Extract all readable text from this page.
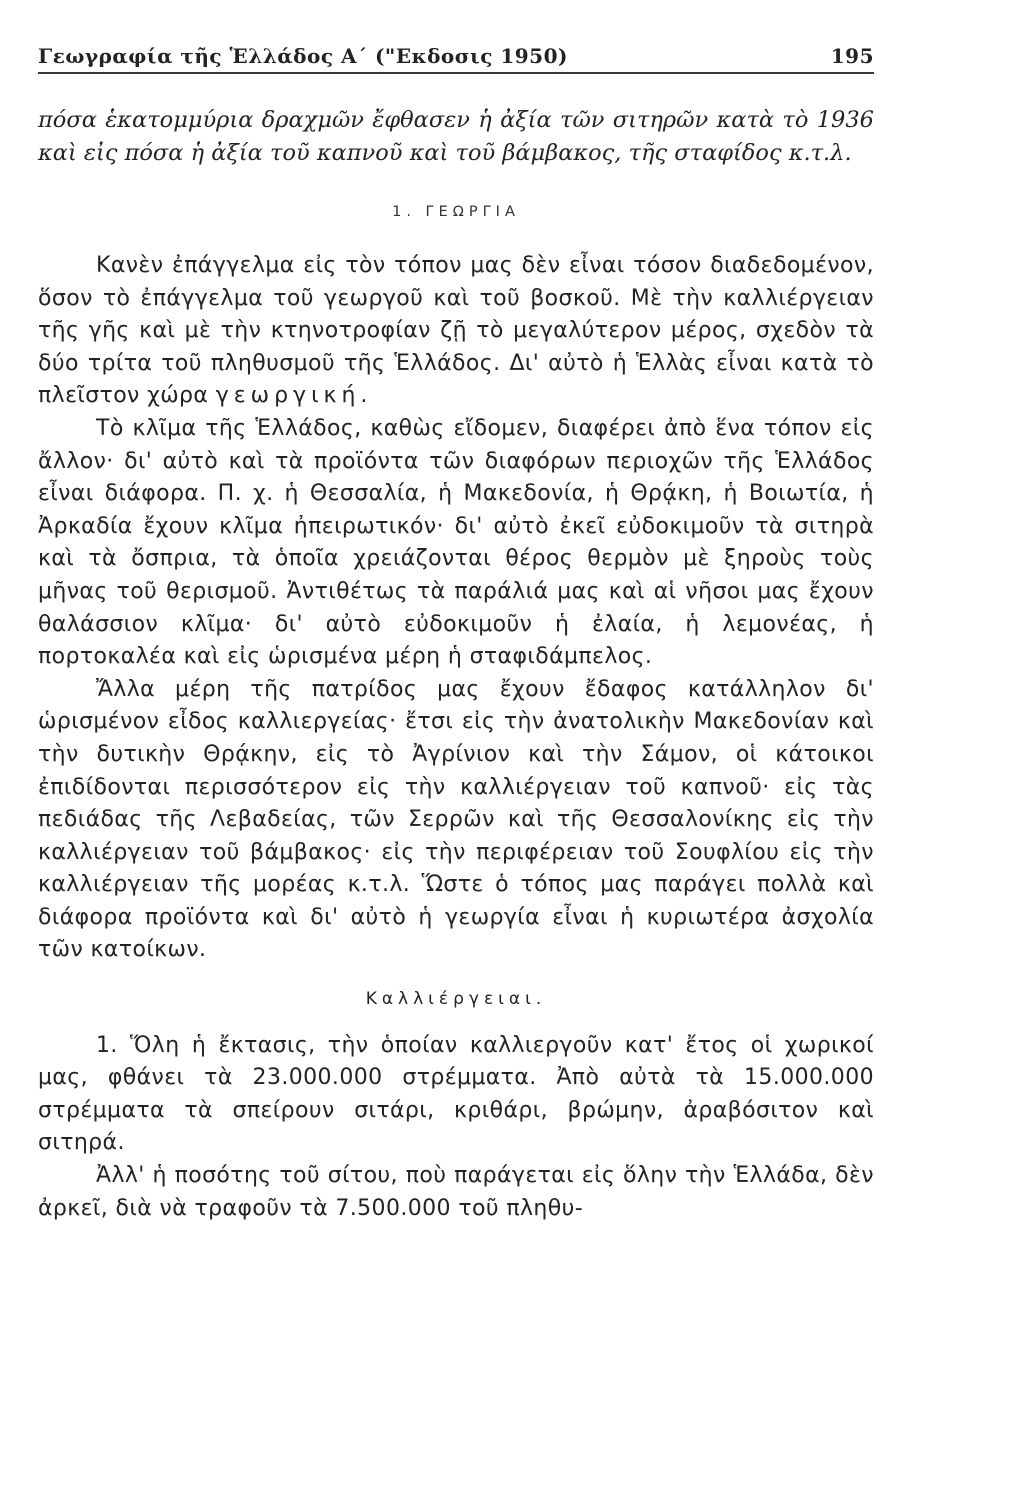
Γεωγραφία τῆς Ἑλλάδος Α΄ ("Εκδοσις 1950)	195

πόσα ἑκατομμύρια δραχμῶν ἔφθασεν ἡ ἀξία τῶν σιτηρῶν κατὰ τὸ 1936 καὶ εἰς πόσα ἡ ἀξία τοῦ καπνοῦ καὶ τοῦ βάμβακος, τῆς σταφίδος κ.τ.λ.

1. ΓΕΩΡΓΙΑ

Κανὲν ἐπάγγελμα εἰς τὸν τόπον μας δὲν εἶναι τόσον διαδεδομένον, ὅσον τὸ ἐπάγγελμα τοῦ γεωργοῦ καὶ τοῦ βοσκοῦ. Μὲ τὴν καλλιέργειαν τῆς γῆς καὶ μὲ τὴν κτηνοτροφίαν ζῇ τὸ μεγαλύτερον μέρος, σχεδὸν τὰ δύο τρίτα τοῦ πληθυσμοῦ τῆς Ἑλλάδος. Δι' αὐτὸ ἡ Ἑλλὰς εἶναι κατὰ τὸ πλεῖστον χώρα γεωργική.

Τὸ κλῖμα τῆς Ἑλλάδος, καθὼς εἴδομεν, διαφέρει ἀπὸ ἕνα τόπον εἰς ἄλλον· δι' αὐτὸ καὶ τὰ προϊόντα τῶν διαφόρων περιοχῶν τῆς Ἑλλάδος εἶναι διάφορα. Π. χ. ἡ Θεσσαλία, ἡ Μακεδονία, ἡ Θρᾴκη, ἡ Βοιωτία, ἡ Ἀρκαδία ἔχουν κλῖμα ἠπειρωτικόν· δι' αὐτὸ ἐκεῖ εὐδοκιμοῦν τὰ σιτηρὰ καὶ τὰ ὄσπρια, τὰ ὁποῖα χρειάζονται θέρος θερμὸν μὲ ξηροὺς τοὺς μῆνας τοῦ θερισμοῦ. Ἀντιθέτως τὰ παράλιά μας καὶ αἱ νῆσοι μας ἔχουν θαλάσσιον κλῖμα· δι' αὐτὸ εὐδοκιμοῦν ἡ ἐλαία, ἡ λεμονέας, ἡ πορτοκαλέα καὶ εἰς ὡρισμένα μέρη ἡ σταφιδάμπελος.

Ἄλλα μέρη τῆς πατρίδος μας ἔχουν ἔδαφος κατάλληλον δι' ὡρισμένον εἶδος καλλιεργείας· ἔτσι εἰς τὴν ἀνατολικὴν Μακεδονίαν καὶ τὴν δυτικὴν Θρᾴκην, εἰς τὸ Ἀγρίνιον καὶ τὴν Σάμον, οἱ κάτοικοι ἐπιδίδονται περισσότερον εἰς τὴν καλλιέργειαν τοῦ καπνοῦ· εἰς τὰς πεδιάδας τῆς Λεβαδείας, τῶν Σερρῶν καὶ τῆς Θεσσαλονίκης εἰς τὴν καλλιέργειαν τοῦ βάμβακος· εἰς τὴν περιφέρειαν τοῦ Σουφλίου εἰς τὴν καλλιέργειαν τῆς μορέας κ.τ.λ. Ὥστε ὁ τόπος μας παράγει πολλὰ καὶ διάφορα προϊόντα καὶ δι' αὐτὸ ἡ γεωργία εἶναι ἡ κυριωτέρα ἀσχολία τῶν κατοίκων.

Καλλιέργειαι.

1. Ὅλη ἡ ἔκτασις, τὴν ὁποίαν καλλιεργοῦν κατ' ἔτος οἱ χωρικοί μας, φθάνει τὰ 23.000.000 στρέμματα. Ἀπὸ αὐτὰ τὰ 15.000.000 στρέμματα τὰ σπείρουν σιτάρι, κριθάρι, βρώμην, ἀραβόσιτον καὶ σιτηρά.

Ἀλλ' ἡ ποσότης τοῦ σίτου, ποὺ παράγεται εἰς ὅλην τὴν Ἑλλάδα, δὲν ἀρκεῖ, διὰ νὰ τραφοῦν τὰ 7.500.000 τοῦ πληθυ-
